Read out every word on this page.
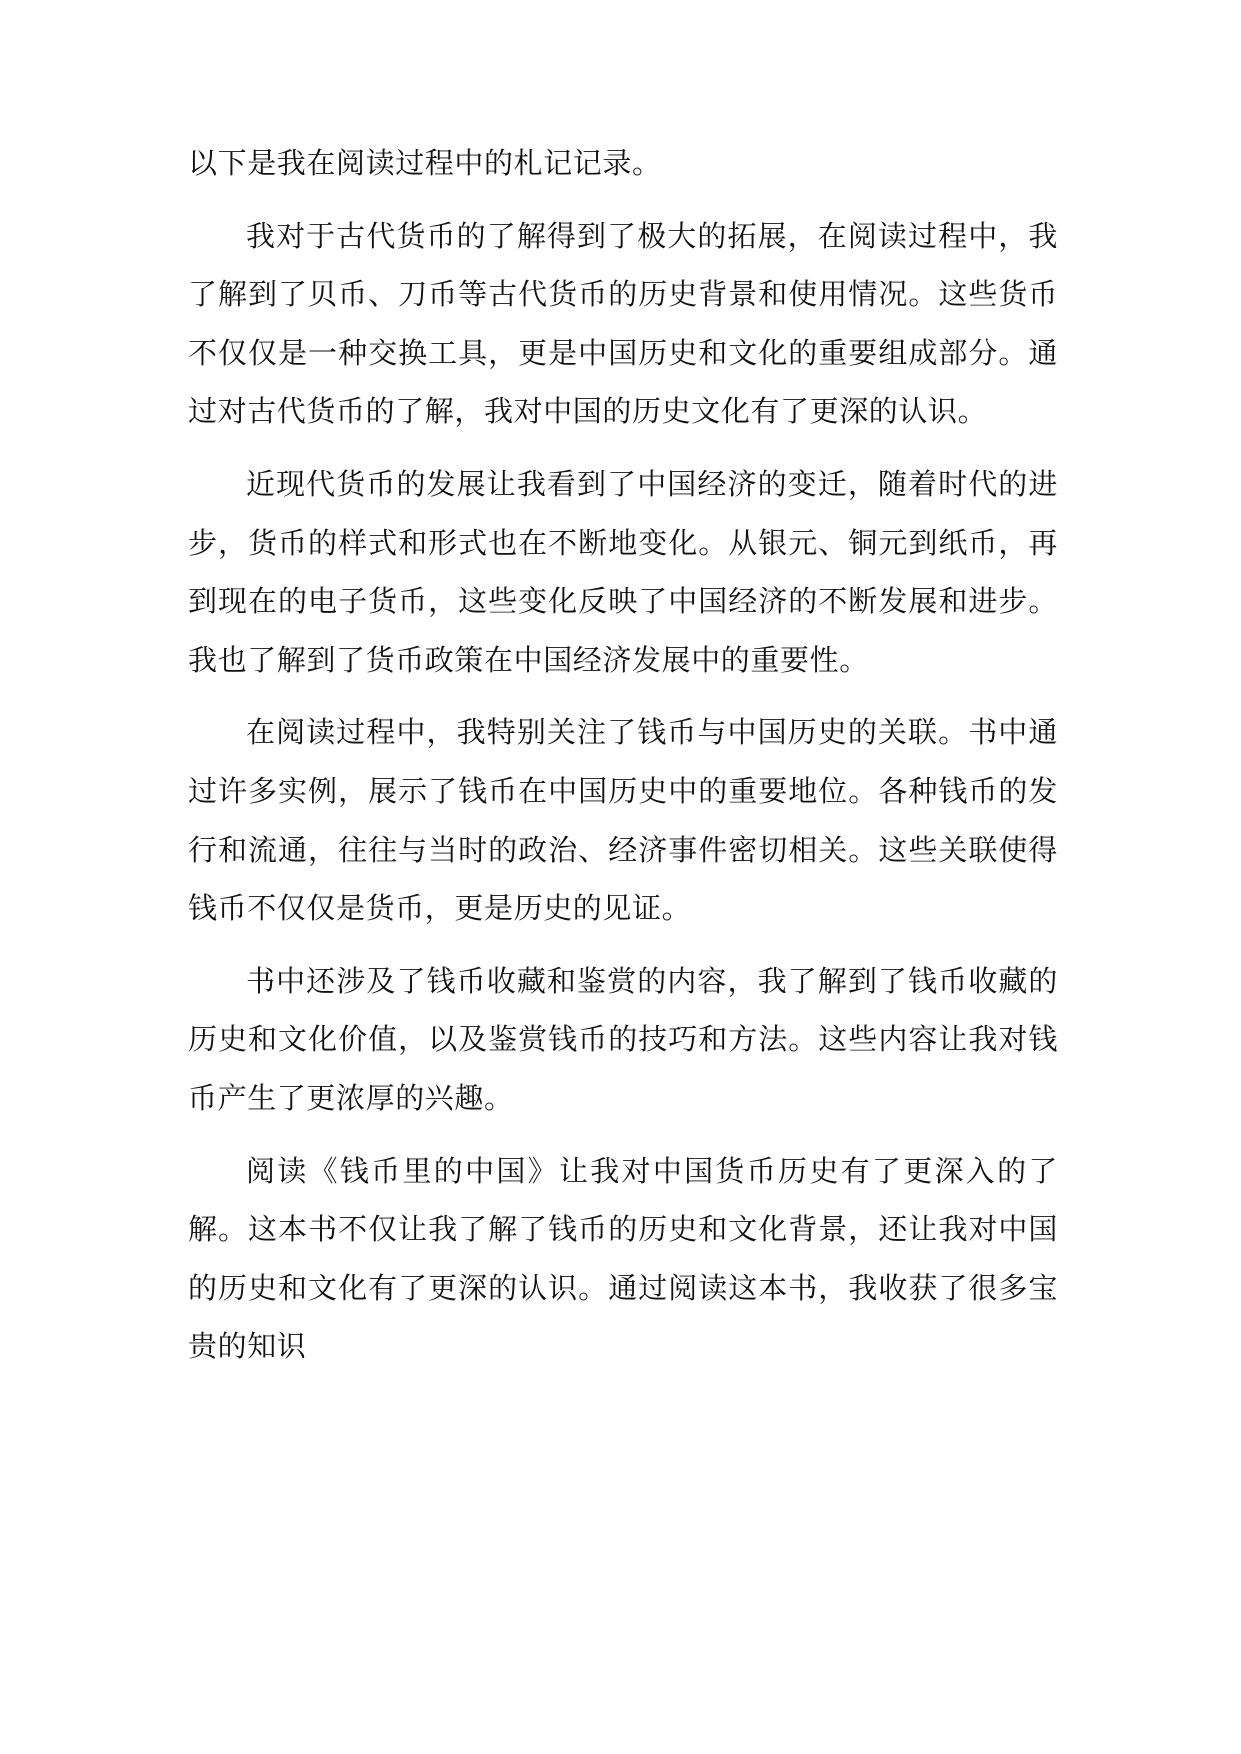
以下是我在阅读过程中的札记记录。

我对于古代货币的了解得到了极大的拓展，在阅读过程中，我了解到了贝币、刀币等古代货币的历史背景和使用情况。这些货币不仅仅是一种交换工具，更是中国历史和文化的重要组成部分。通过对古代货币的了解，我对中国的历史文化有了更深的认识。

近现代货币的发展让我看到了中国经济的变迁，随着时代的进步，货币的样式和形式也在不断地变化。从银元、铜元到纸币，再到现在的电子货币，这些变化反映了中国经济的不断发展和进步。我也了解到了货币政策在中国经济发展中的重要性。

在阅读过程中，我特别关注了钱币与中国历史的关联。书中通过许多实例，展示了钱币在中国历史中的重要地位。各种钱币的发行和流通，往往与当时的政治、经济事件密切相关。这些关联使得钱币不仅仅是货币，更是历史的见证。

书中还涉及了钱币收藏和鉴赏的内容，我了解到了钱币收藏的历史和文化价值，以及鉴赏钱币的技巧和方法。这些内容让我对钱币产生了更浓厚的兴趣。

阅读《钱币里的中国》让我对中国货币历史有了更深入的了解。这本书不仅让我了解了钱币的历史和文化背景，还让我对中国的历史和文化有了更深的认识。通过阅读这本书，我收获了很多宝贵的知识
